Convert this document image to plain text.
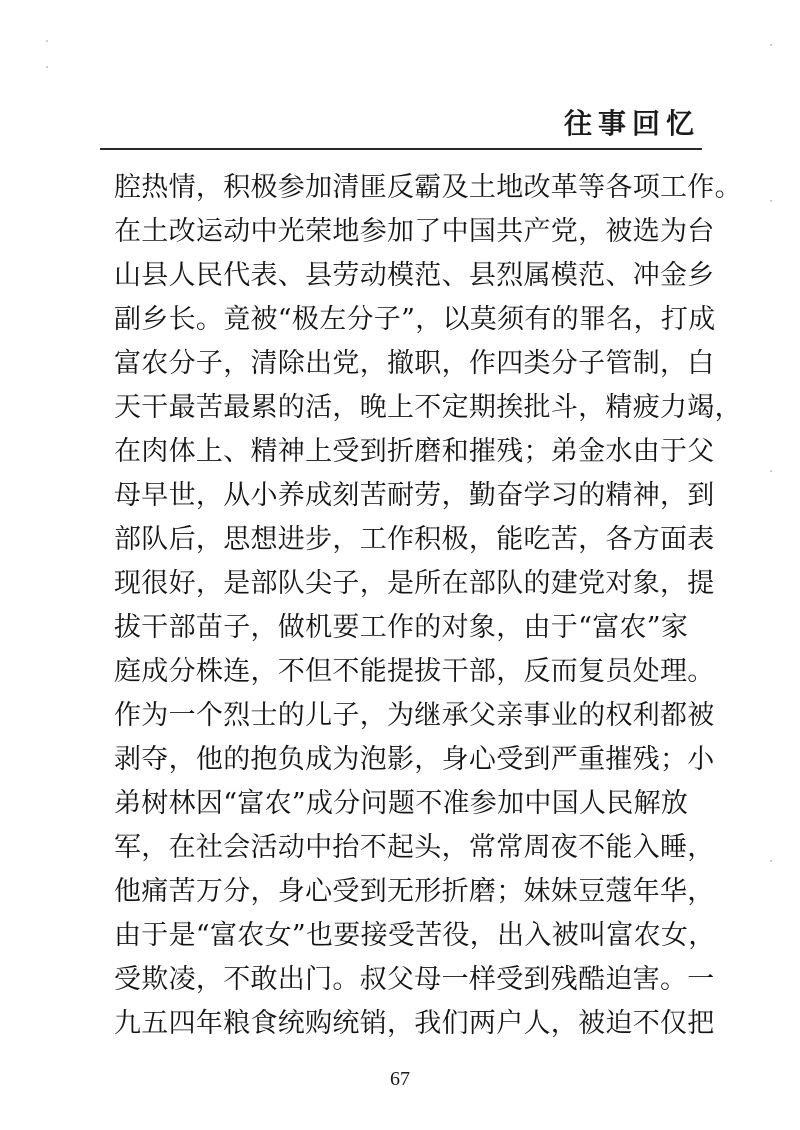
往事回忆
腔热情，积极参加清匪反霸及土地改革等各项工作。
在土改运动中光荣地参加了中国共产党，被选为台
山县人民代表、县劳动模范、县烈属模范、冲金乡
副乡长。竟被“极左分子”，以莫须有的罪名，打成
富农分子，清除出党，撤职，作四类分子管制，白
天干最苦最累的活，晚上不定期挨批斗，精疲力竭，
在肉体上、精神上受到折磨和摧残；弟金水由于父
母早世，从小养成刻苦耐劳，勤奋学习的精神，到
部队后，思想进步，工作积极，能吃苦，各方面表
现很好，是部队尖子，是所在部队的建党对象，提
拔干部苗子，做机要工作的对象，由于“富农”家
庭成分株连，不但不能提拔干部，反而复员处理。
作为一个烈士的儿子，为继承父亲事业的权利都被
剥夺，他的抱负成为泡影，身心受到严重摧残；小
弟树林因“富农”成分问题不准参加中国人民解放
军，在社会活动中抬不起头，常常周夜不能入睡，
他痛苦万分，身心受到无形折磨；妹妹豆蔻年华，
由于是“富农女”也要接受苦役，出入被叫富农女，
受欺凌，不敢出门。叔父母一样受到残酷迫害。一
九五四年粮食统购统销，我们两户人，被迫不仅把
67
